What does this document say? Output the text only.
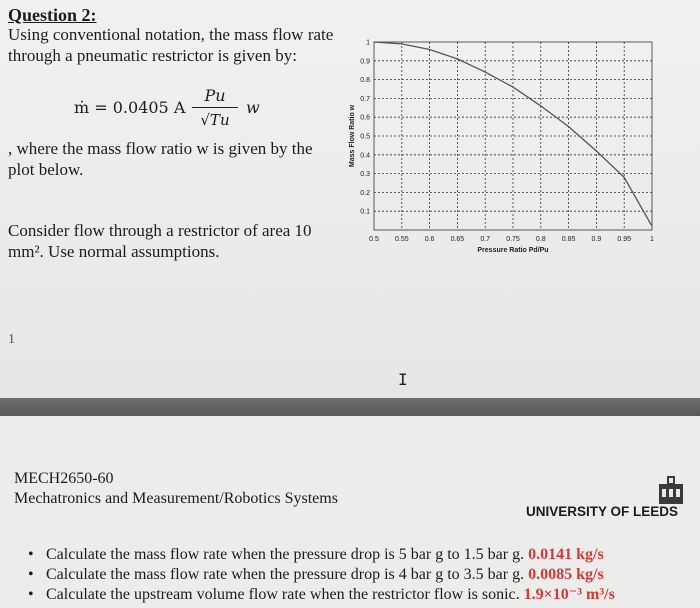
Question 2:
Using conventional notation, the mass flow rate through a pneumatic restrictor is given by:
ṁ = 0.0405 A
Pu
√Tu
w
, where the mass flow ratio w is given by the plot below.
Consider flow through a restrictor of area 10 mm². Use normal assumptions.
0.5 0.55 0.6 0.65 0.7 0.75 0.8 0.85 0.9 0.95	1
0.1
0.2
0.3
0.4
0.5
0.6
0.7
0.8
0.9
1
Pressure Ratio Pd/Pu
Mass Flow Ratio w
1
I
MECH2650-60
Mechatronics and Measurement/Robotics Systems
UNIVERSITY OF LEEDS
• Calculate the mass flow rate when the pressure drop is 5 bar g to 1.5 bar g. 0.0141 kg/s
• Calculate the mass flow rate when the pressure drop is 4 bar g to 3.5 bar g. 0.0085 kg/s
• Calculate the upstream volume flow rate when the restrictor flow is sonic. 1.9×10⁻³ m³/s
